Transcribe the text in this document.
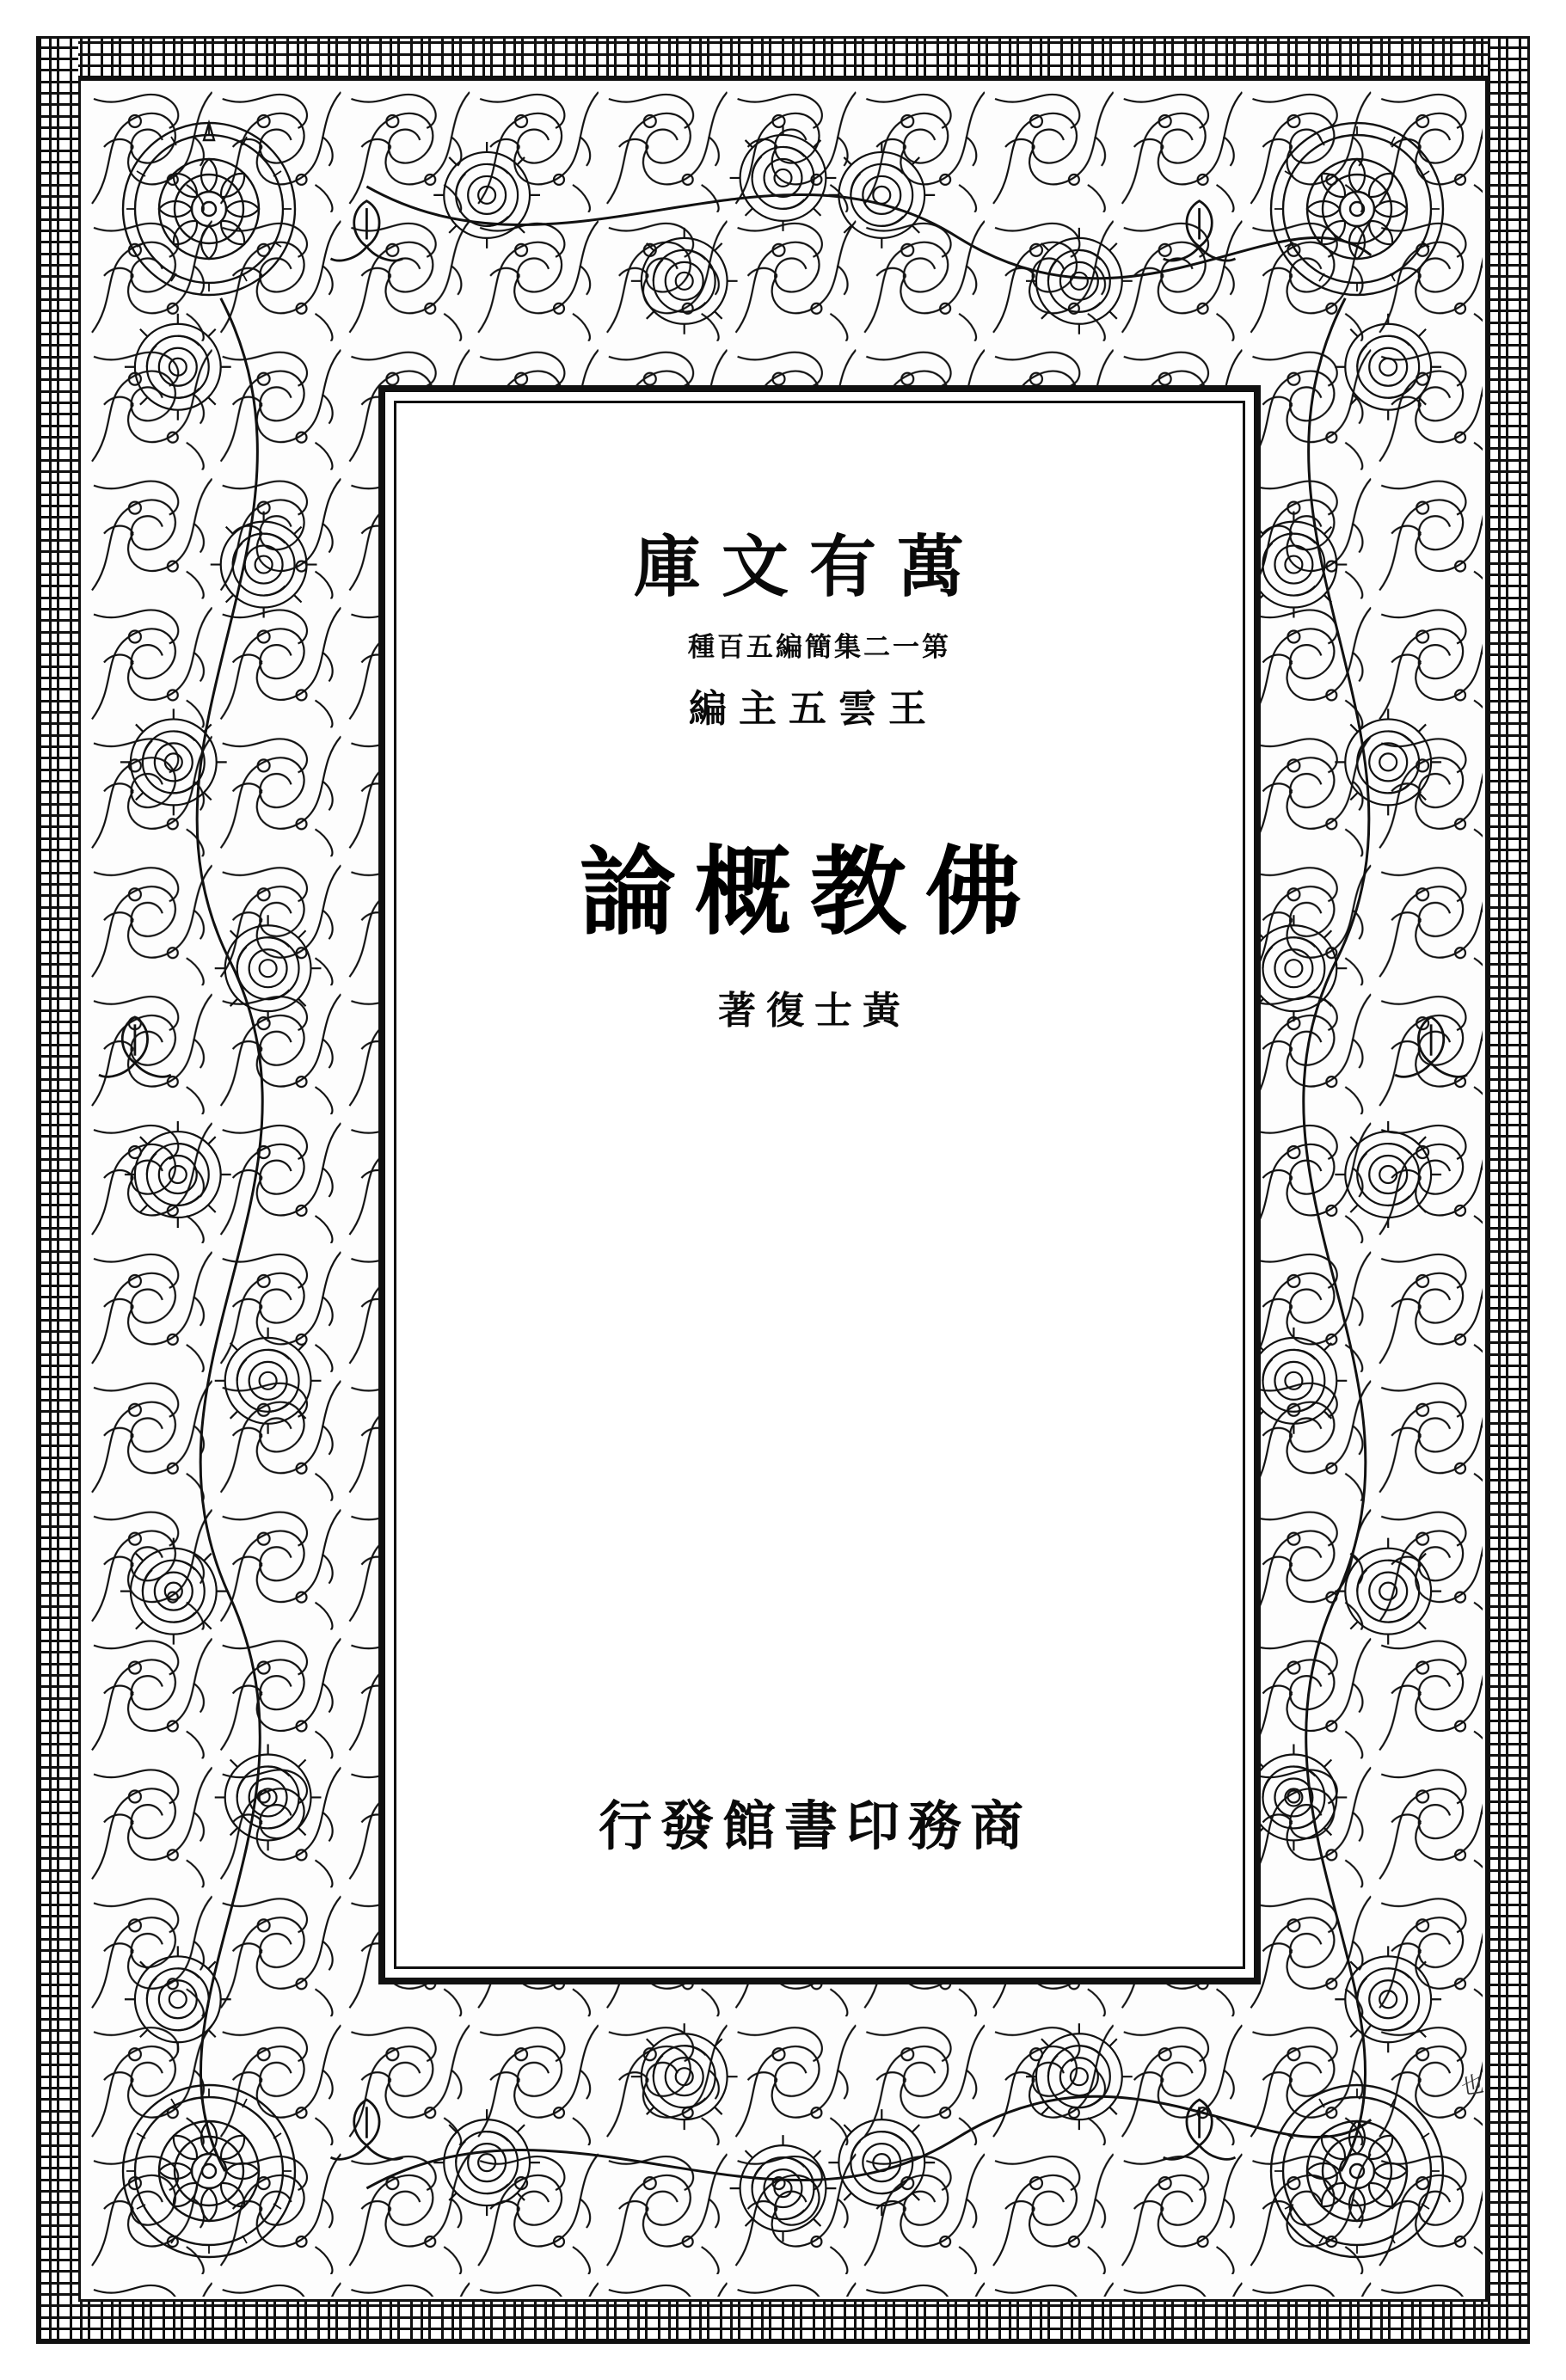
萬有文庫
第一二集簡編五百種
王雲五主編
佛教概論
黃士復著
商務印書館發行
也
